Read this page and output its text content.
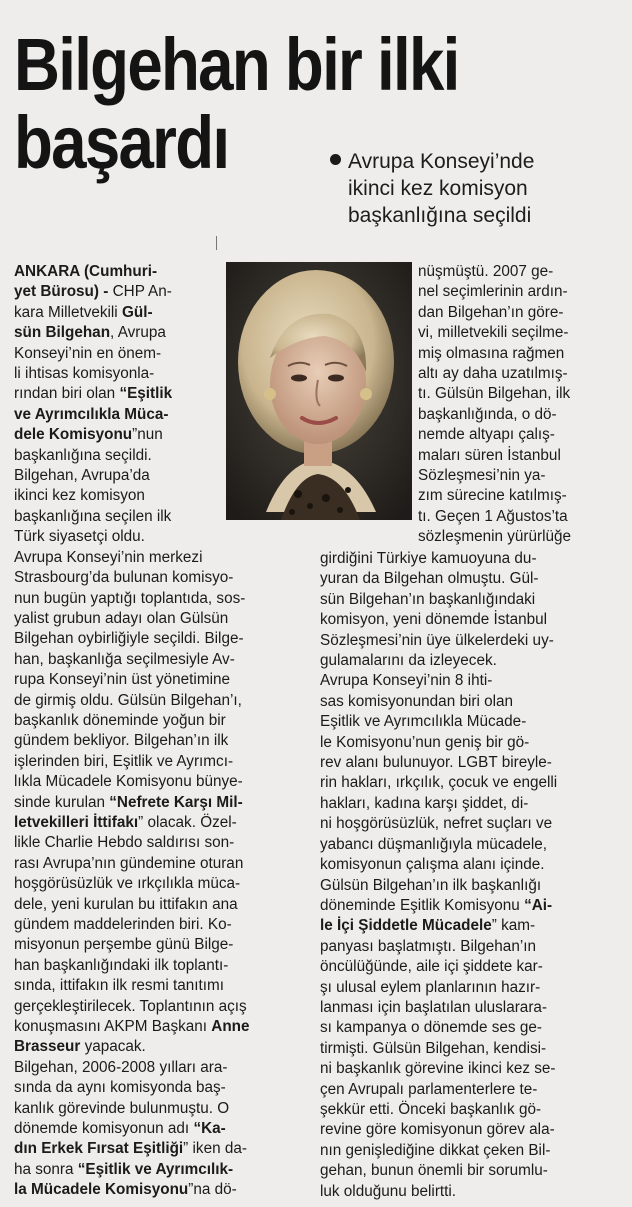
Bilgehan bir ilki
başardı	Avrupa Konseyi’nde
ikinci kez komisyon
başkanlığına seçildi
ANKARA (Cumhuri-
yet Bürosu) - CHP An-
kara Milletvekili Gül-
sün Bilgehan, Avrupa
Konseyi’nin en önem-
li ihtisas komisyonla-
rından biri olan “Eşitlik
ve Ayrımcılıkla Müca-
dele Komisyonu”nun
başkanlığına seçildi.
Bilgehan, Avrupa’da
ikinci kez komisyon
başkanlığına seçilen ilk
Türk siyasetçi oldu.
Avrupa Konseyi’nin merkezi
Strasbourg’da bulunan komisyo-
nun bugün yaptığı toplantıda, sos-
yalist grubun adayı olan Gülsün
Bilgehan oybirliğiyle seçildi. Bilge-
han, başkanlığa seçilmesiyle Av-
rupa Konseyi’nin üst yönetimine
de girmiş oldu. Gülsün Bilgehan’ı,
başkanlık döneminde yoğun bir
gündem bekliyor. Bilgehan’ın ilk
işlerinden biri, Eşitlik ve Ayrımcı-
lıkla Mücadele Komisyonu bünye-
sinde kurulan “Nefrete Karşı Mil-
letvekilleri İttifakı” olacak. Özel-
likle Charlie Hebdo saldırısı son-
rası Avrupa’nın gündemine oturan
hoşgörüsüzlük ve ırkçılıkla müca-
dele, yeni kurulan bu ittifakın ana
gündem maddelerinden biri. Ko-
misyonun perşembe günü Bilge-
han başkanlığındaki ilk toplantı-
sında, ittifakın ilk resmi tanıtımı
gerçekleştirilecek. Toplantının açış
konuşmasını AKPM Başkanı Anne
Brasseur yapacak.
Bilgehan, 2006-2008 yılları ara-
sında da aynı komisyonda baş-
kanlık görevinde bulunmuştu. O
dönemde komisyonun adı “Ka-
dın Erkek Fırsat Eşitliği” iken da-
ha sonra “Eşitlik ve Ayrımcılık-
la Mücadele Komisyonu”na dö-
nüşmüştü. 2007 ge-
nel seçimlerinin ardın-
dan Bilgehan’ın göre-
vi, milletvekili seçilme-
miş olmasına rağmen
altı ay daha uzatılmış-
tı. Gülsün Bilgehan, ilk
başkanlığında, o dö-
nemde altyapı çalış-
maları süren İstanbul
Sözleşmesi’nin ya-
zım sürecine katılmış-
tı. Geçen 1 Ağustos’ta
sözleşmenin yürürlüğe
girdiğini Türkiye kamuoyuna du-
yuran da Bilgehan olmuştu. Gül-
sün Bilgehan’ın başkanlığındaki
komisyon, yeni dönemde İstanbul
Sözleşmesi’nin üye ülkelerdeki uy-
gulamalarını da izleyecek.
Avrupa Konseyi’nin 8 ihti-
sas komisyonundan biri olan
Eşitlik ve Ayrımcılıkla Mücade-
le Komisyonu’nun geniş bir gö-
rev alanı bulunuyor. LGBT bireyle-
rin hakları, ırkçılık, çocuk ve engelli
hakları, kadına karşı şiddet, di-
ni hoşgörüsüzlük, nefret suçları ve
yabancı düşmanlığıyla mücadele,
komisyonun çalışma alanı içinde.
Gülsün Bilgehan’ın ilk başkanlığı
döneminde Eşitlik Komisyonu “Ai-
le İçi Şiddetle Mücadele” kam-
panyası başlatmıştı. Bilgehan’ın
öncülüğünde, aile içi şiddete kar-
şı ulusal eylem planlarının hazır-
lanması için başlatılan uluslarara-
sı kampanya o dönemde ses ge-
tirmişti. Gülsün Bilgehan, kendisi-
ni başkanlık görevine ikinci kez se-
çen Avrupalı parlamenterlere te-
şekkür etti. Önceki başkanlık gö-
revine göre komisyonun görev ala-
nın genişlediğine dikkat çeken Bil-
gehan, bunun önemli bir sorumlu-
luk olduğunu belirtti.
